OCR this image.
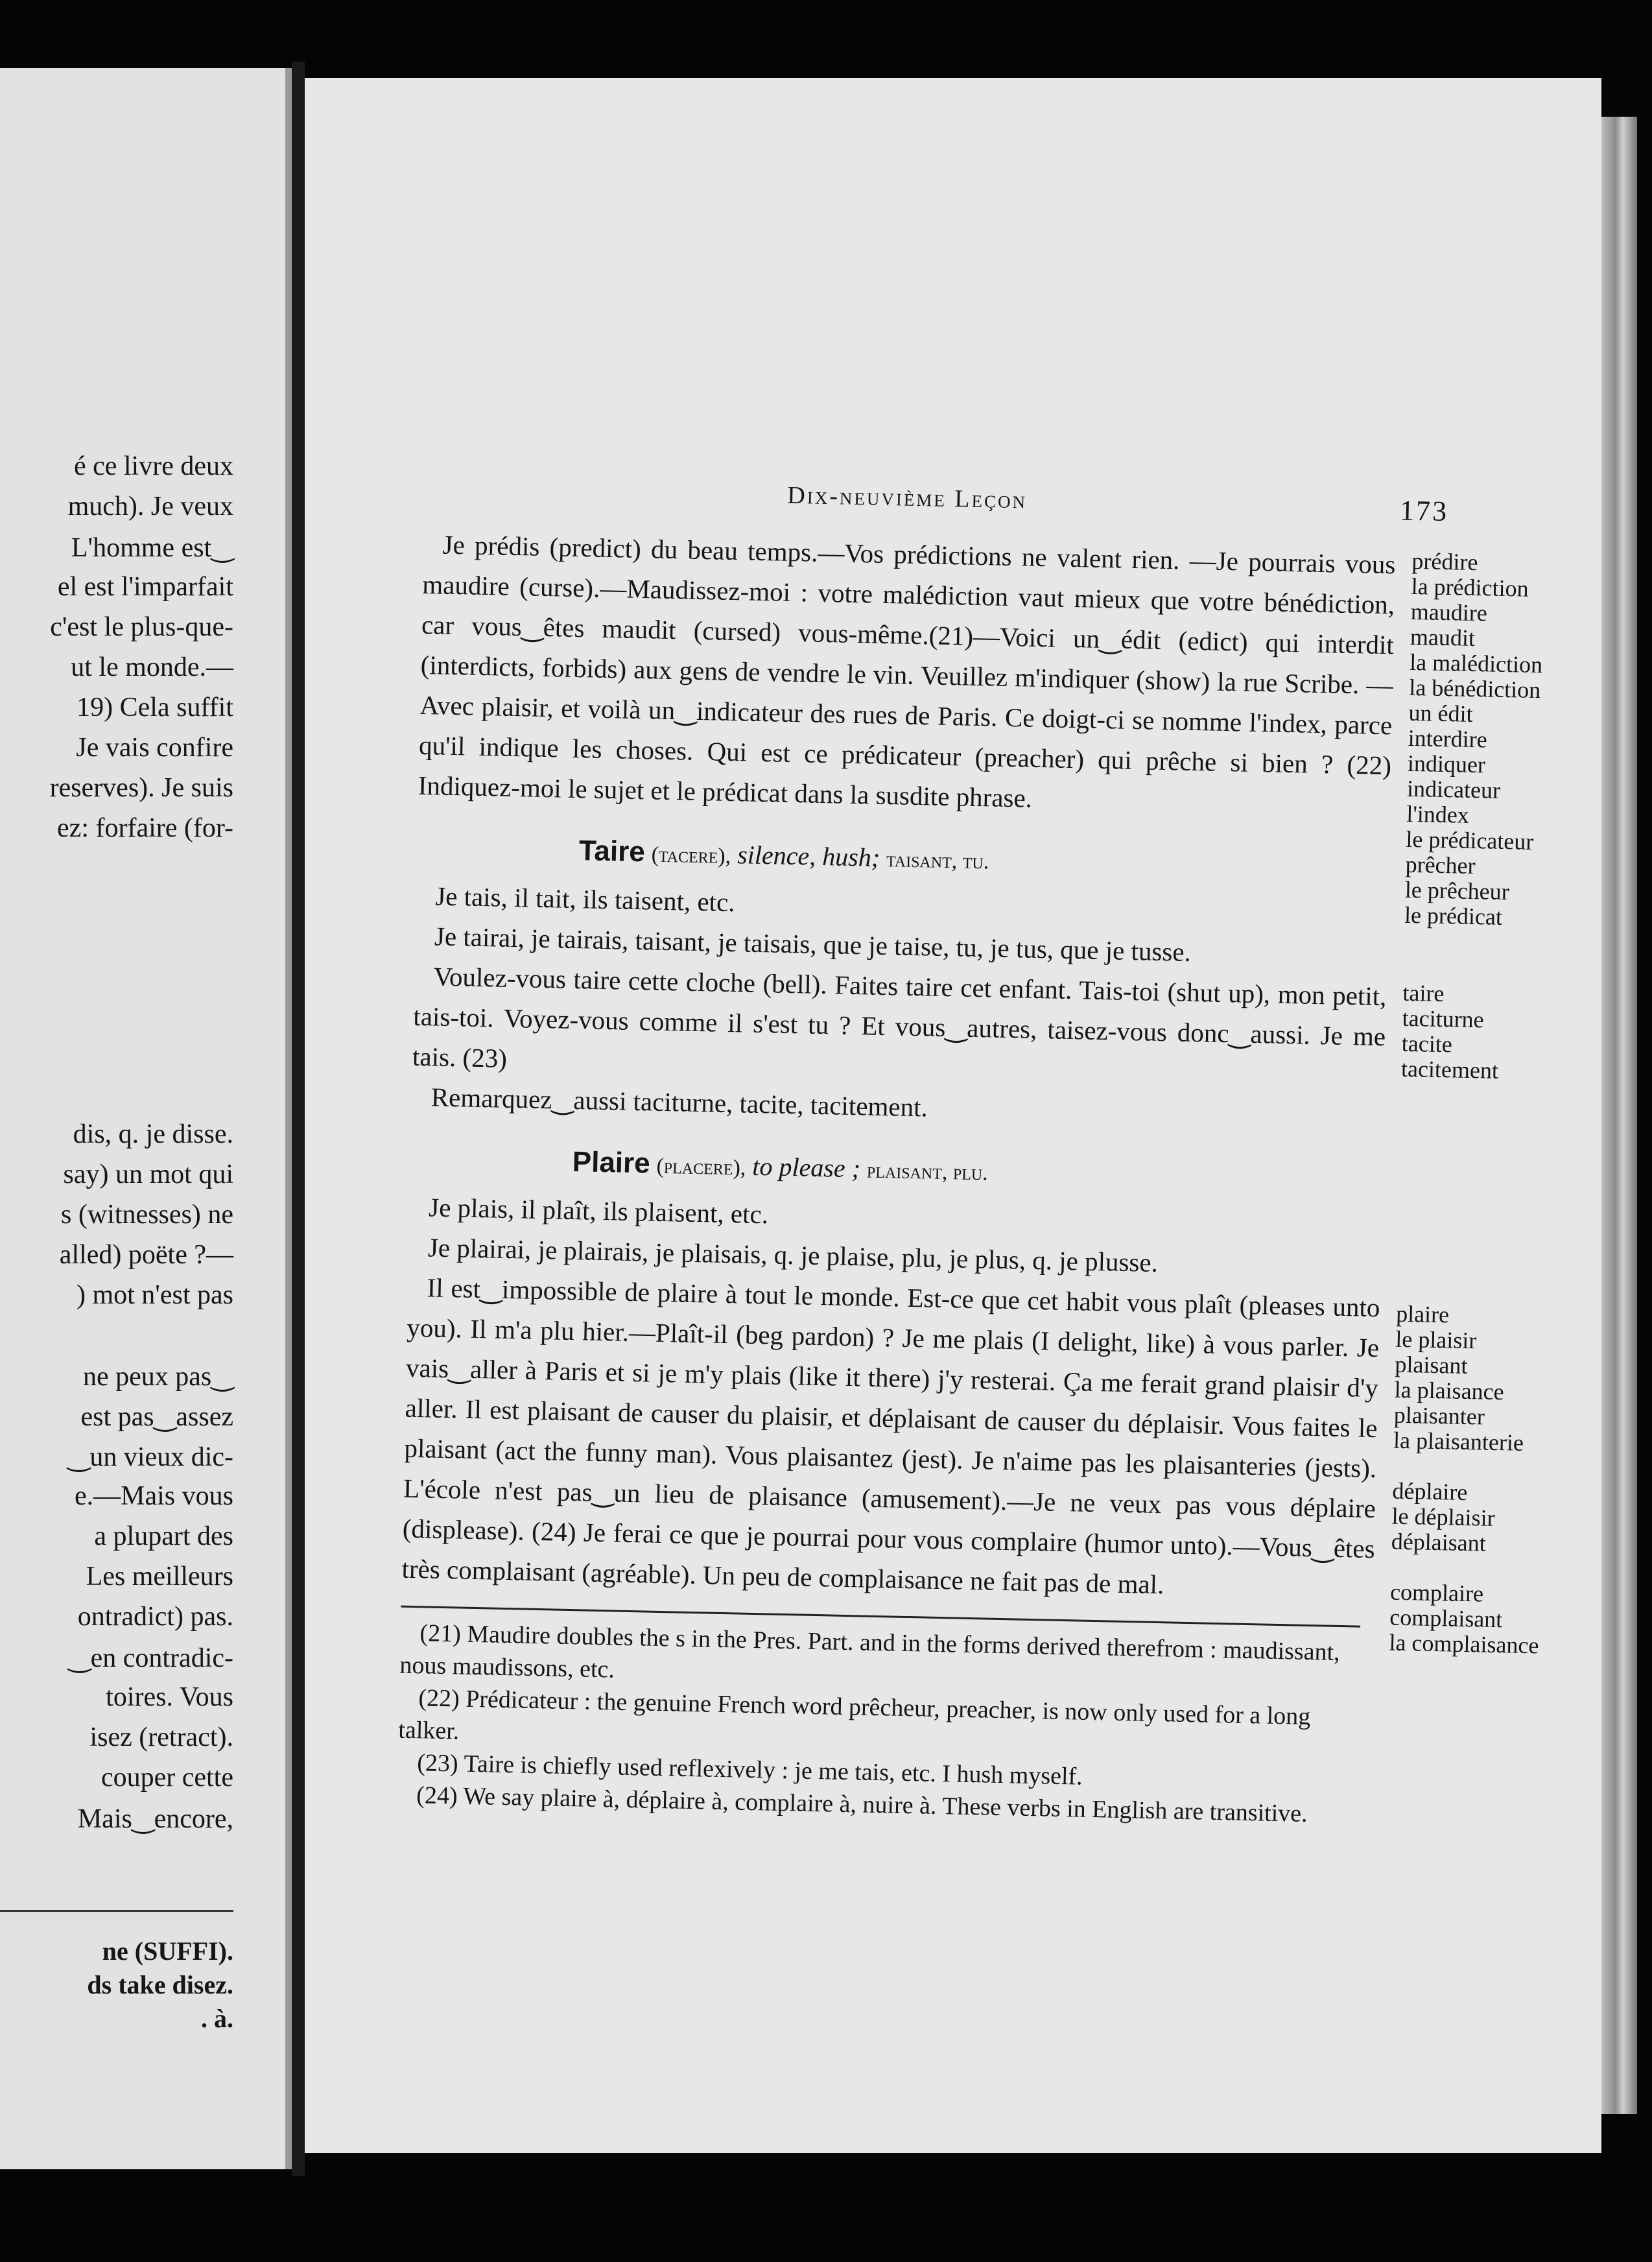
é ce livre deux
much). Je veux
L'homme est‿
el est l'imparfait
c'est le plus-que-
ut le monde.—
19) Cela suffit
Je vais confire
reserves). Je suis
ez: forfaire (for-
dis, q. je disse.
say) un mot qui
s (witnesses) ne
alled) poëte ?—
) mot n'est pas
ne peux pas‿
est pas‿assez
‿un vieux dic-
e.—Mais vous
a plupart des
Les meilleurs
ontradict) pas.
‿en contradic-
toires. Vous
isez (retract).
couper cette
Mais‿encore,
ne (SUFFI).
ds take disez.
. à.
Dix-neuvième Leçon	173
Je prédis (predict) du beau temps.—Vos prédictions ne valent rien. —Je pourrais vous maudire (curse).—Maudissez-moi : votre malédiction vaut mieux que votre bénédiction, car vous‿êtes maudit (cursed) vous-même.(21)—Voici un‿édit (edict) qui interdit (interdicts, forbids) aux gens de vendre le vin. Veuillez m'indiquer (show) la rue Scribe. —Avec plaisir, et voilà un‿indicateur des rues de Paris. Ce doigt-ci se nomme l'index, parce qu'il indique les choses. Qui est ce prédicateur (preacher) qui prêche si bien ? (22) Indiquez-moi le sujet et le prédicat dans la susdite phrase.
prédire
la prédiction
maudire
maudit
la malédiction
la bénédiction
un édit
interdire
indiquer
indicateur
l'index
le prédicateur
prêcher
le prêcheur
le prédicat
Taire (tacere), silence, hush; taisant, tu.
Je tais, il tait, ils taisent, etc.
Je tairai, je tairais, taisant, je taisais, que je taise, tu, je tus, que je tusse.
Voulez-vous taire cette cloche (bell). Faites taire cet enfant. Tais-toi (shut up), mon petit, tais-toi. Voyez-vous comme il s'est tu ? Et vous‿autres, taisez-vous donc‿aussi. Je me tais. (23)
Remarquez‿aussi taciturne, tacite, tacitement.
taire
taciturne
tacite
tacitement
Plaire (placere), to please ; plaisant, plu.
Je plais, il plaît, ils plaisent, etc.
Je plairai, je plairais, je plaisais, q. je plaise, plu, je plus, q. je plusse.
Il est‿impossible de plaire à tout le monde. Est-ce que cet habit vous plaît (pleases unto you). Il m'a plu hier.—Plaît-il (beg pardon) ? Je me plais (I delight, like) à vous parler. Je vais‿aller à Paris et si je m'y plais (like it there) j'y resterai. Ça me ferait grand plaisir d'y aller. Il est plaisant de causer du plaisir, et déplaisant de causer du déplaisir. Vous faites le plaisant (act the funny man). Vous plaisantez (jest). Je n'aime pas les plaisanteries (jests). L'école n'est pas‿un lieu de plaisance (amusement).—Je ne veux pas vous déplaire (displease). (24) Je ferai ce que je pourrai pour vous complaire (humor unto).—Vous‿êtes très complaisant (agréable). Un peu de complaisance ne fait pas de mal.
plaire
le plaisir
plaisant
la plaisance
plaisanter
la plaisanterie
déplaire
le déplaisir
déplaisant
complaire
complaisant
la complaisance

(21) Maudire doubles the s in the Pres. Part. and in the forms derived therefrom : maudissant, nous maudissons, etc.

(22) Prédicateur : the genuine French word prêcheur, preacher, is now only used for a long talker.

(23) Taire is chiefly used reflexively : je me tais, etc. I hush myself.

(24) We say plaire à, déplaire à, complaire à, nuire à. These verbs in English are transitive.
